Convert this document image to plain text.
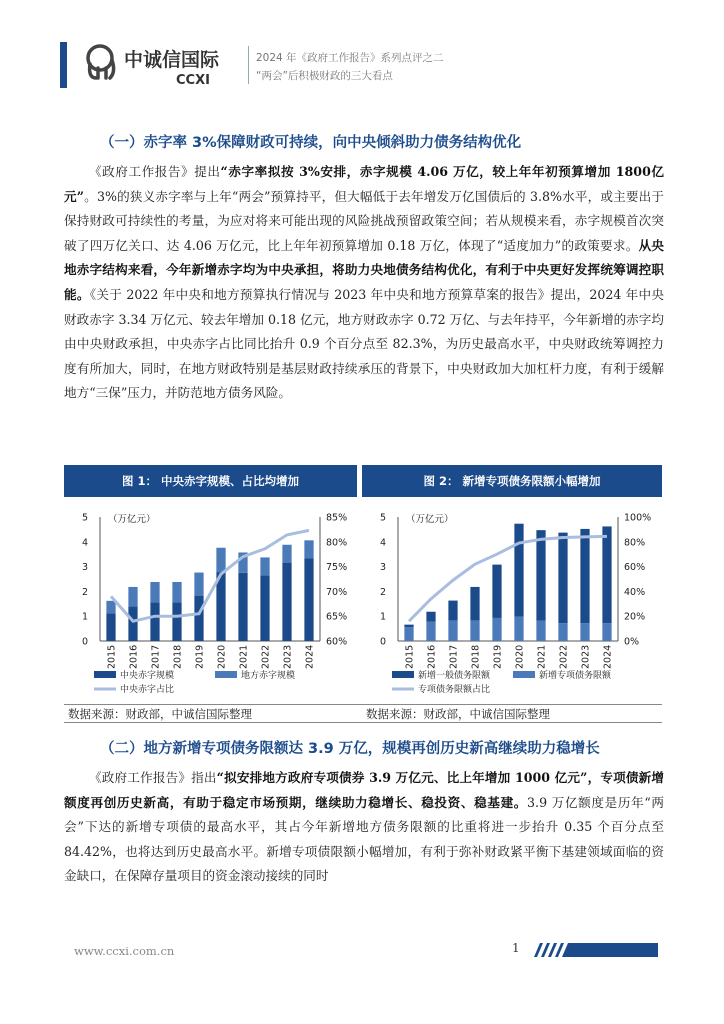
中诚信国际
CCXI
2024 年《政府工作报告》系列点评之二
“两会”后积极财政的三大看点
（一）赤字率 3%保障财政可持续，向中央倾斜助力债务结构优化
《政府工作报告》提出“赤字率拟按 3%安排，赤字规模 4.06 万亿，较上年年初预算增加 1800亿元”。3%的狭义赤字率与上年“两会”预算持平，但大幅低于去年增发万亿国债后的 3.8%水平，或主要出于保持财政可持续性的考量，为应对将来可能出现的风险挑战预留政策空间；若从规模来看，赤字规模首次突破了四万亿关口、达 4.06 万亿元，比上年年初预算增加 0.18 万亿，体现了“适度加力”的政策要求。从央地赤字结构来看，今年新增赤字均为中央承担，将助力央地债务结构优化，有利于中央更好发挥统筹调控职能。《关于 2022 年中央和地方预算执行情况与 2023 年中央和地方预算草案的报告》提出，2024 年中央财政赤字 3.34 万亿元、较去年增加 0.18 亿元，地方财政赤字 0.72 万亿、与去年持平，今年新增的赤字均由中央财政承担，中央赤字占比同比抬升 0.9 个百分点至 82.3%，为历史最高水平，中央财政统筹调控力度有所加大，同时，在地方财政特别是基层财政持续承压的背景下，中央财政加大加杠杆力度，有利于缓解地方“三保”压力，并防范地方债务风险。
图 1： 中央赤字规模、占比均增加	图 2： 新增专项债务限额小幅增加
0
1
2
3
4
5
60%
65%
70%
75%
80%
85%
（万亿元）
2015 2016 2017 2018 2019 2020 2021 2022 2023 2024
中央赤字规模	地方赤字规模
中央赤字占比
0
1
2
3
4
5
0%
20%
40%
60%
80%
100%
（万亿元）
2015 2016 2017 2018 2019 2020 2021 2022 2023 2024
新增一般债务限额	新增专项债务限额
专项债务限额占比
数据来源：财政部，中诚信国际整理	数据来源：财政部，中诚信国际整理
（二）地方新增专项债务限额达 3.9 万亿，规模再创历史新高继续助力稳增长
《政府工作报告》指出“拟安排地方政府专项债券 3.9 万亿元、比上年增加 1000 亿元”，专项债新增额度再创历史新高，有助于稳定市场预期，继续助力稳增长、稳投资、稳基建。3.9 万亿额度是历年“两会”下达的新增专项债的最高水平，其占今年新增地方债务限额的比重将进一步抬升 0.35 个百分点至 84.42%，也将达到历史最高水平。新增专项债限额小幅增加，有利于弥补财政紧平衡下基建领域面临的资金缺口，在保障存量项目的资金滚动接续的同时
www.ccxi.com.cn	1
